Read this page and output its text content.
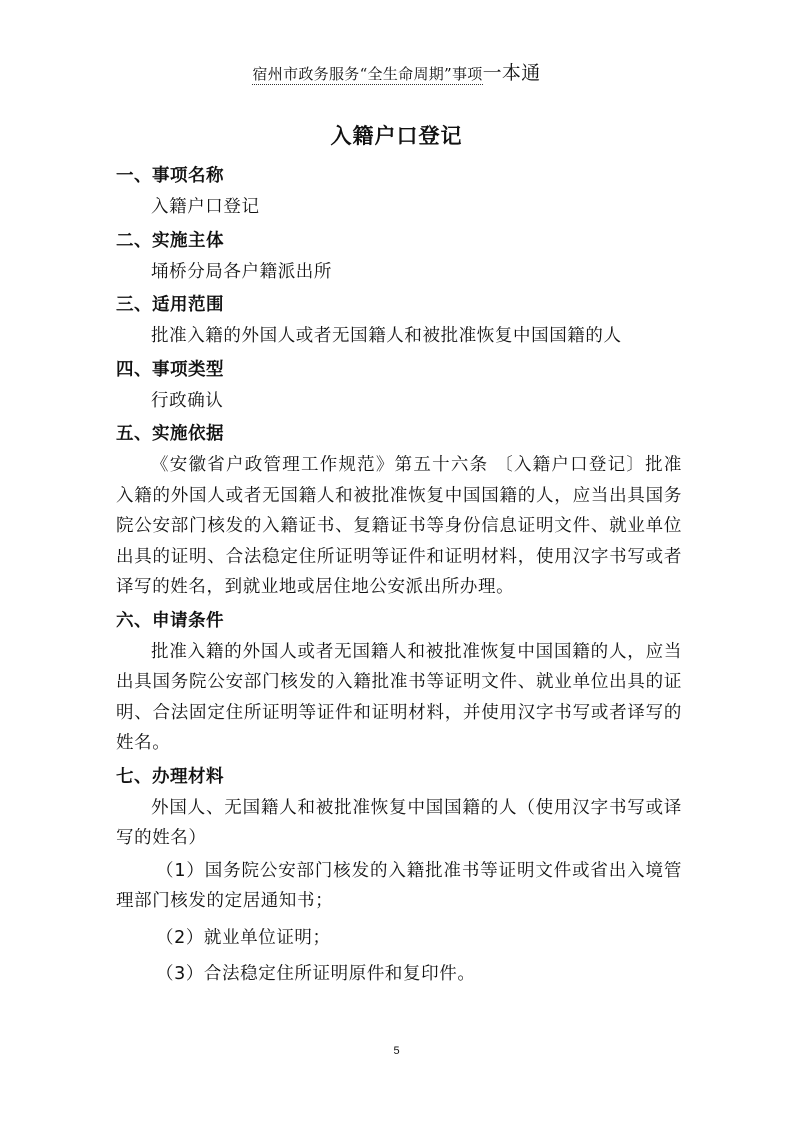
宿州市政务服务“全生命周期”事项一本通
入籍户口登记
一、事项名称
入籍户口登记
二、实施主体
埇桥分局各户籍派出所
三、适用范围
批准入籍的外国人或者无国籍人和被批准恢复中国国籍的人
四、事项类型
行政确认
五、实施依据
《安徽省户政管理工作规范》第五十六条 〔入籍户口登记〕批准入籍的外国人或者无国籍人和被批准恢复中国国籍的人，应当出具国务院公安部门核发的入籍证书、复籍证书等身份信息证明文件、就业单位出具的证明、合法稳定住所证明等证件和证明材料，使用汉字书写或者译写的姓名，到就业地或居住地公安派出所办理。
六、申请条件
批准入籍的外国人或者无国籍人和被批准恢复中国国籍的人，应当出具国务院公安部门核发的入籍批准书等证明文件、就业单位出具的证明、合法固定住所证明等证件和证明材料，并使用汉字书写或者译写的姓名。
七、办理材料
外国人、无国籍人和被批准恢复中国国籍的人（使用汉字书写或译写的姓名）
（1）国务院公安部门核发的入籍批准书等证明文件或省出入境管理部门核发的定居通知书；
（2）就业单位证明；
（3）合法稳定住所证明原件和复印件。
5
